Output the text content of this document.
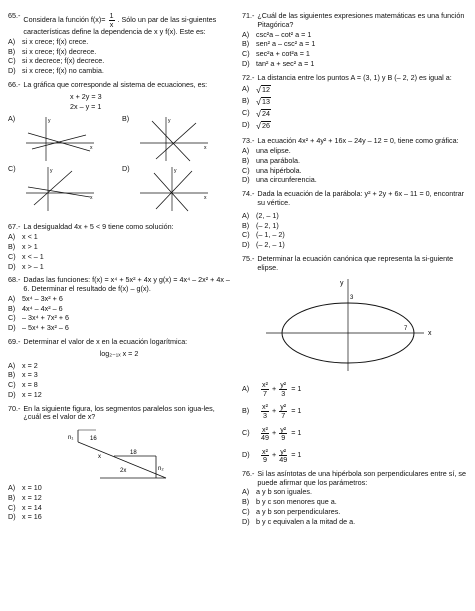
65.- Considera la función $f(x)= \frac{1}{x}$ . Sólo un par de las si-guientes características define la dependencia de x y f(x). Este es:
A) si x crece; f(x) crece.
B) si x crece; f(x) decrece.
C) si x decrece; f(x) decrece.
D) si x crece; f(x) no cambia.
66.- La gráfica que corresponde al sistema de ecuaciones, es:
x + 2y = 3
2x – y = 1
A)	y
x
B)	y
x
C)	y
x
D)	y
x
67.- La desigualdad 4x + 5 < 9 tiene como solución:
A) x < 1
B) x > 1
C) x < – 1
D) x > – 1
68.- Dadas las funciones: f(x) = x⁴ + 5x² + 4x y g(x) = 4x⁴ – 2x² + 4x – 6. Determinar el resultado de f(x) – g(x).
A) 5x⁴ – 3x² + 6
B) 4x⁴ – 4x² – 6
C) – 3x⁴ + 7x² + 6
D) – 5x⁴ + 3x² – 6
69.- Determinar el valor de x en la ecuación logarítmica:
log₂₋₁ₓ x = 2
A) x = 2
B) x = 3
C) x = 8
D) x = 12
70.- En la siguiente figura, los segmentos paralelos son igua-les, ¿cuál es el valor de x?
n₁	16
18
x
2x	n₂
A) x = 10
B) x = 12
C) x = 14
D) x = 16
71.- ¿Cuál de las siguientes expresiones matemáticas es una función Pitagórica?
A) csc²a – cot² a = 1
B) sen² a – csc² a = 1
C) sec²a + cot²a = 1
D) tan² a + sec² a = 1
72.- La distancia entre los puntos A = (3, 1) y B (– 2, 2) es igual a:
A) √ 12
B) √ 13
C) √ 24
D) √ 26
73.- La ecuación 4x² + 4y² + 16x – 24y – 12 = 0, tiene como gráfica:
A) una elipse.
B) una parábola.
C) una hipérbola.
D) una circunferencia.
74.- Dada la ecuación de la parábola: y² + 2y + 6x – 11 = 0, encontrar su vértice.
A) (2, – 1)
B) (– 2, 1)
C) (– 1, – 2)
D) (– 2, – 1)
75.- Determinar la ecuación canónica que representa la si-guiente elipse.
y
3
7
x
A)	$\frac{\text{x²}}{7} + \frac{\text{y²}}{3} = 1$
B)	$\frac{\text{x²}}{3} + \frac{\text{y²}}{7} = 1$
C)	$\frac{\text{x²}}{49} + \frac{\text{y²}}{9} = 1$
D)	$\frac{\text{x²}}{9} + \frac{\text{y²}}{49} = 1$
76.- Si las asíntotas de una hipérbola son perpendiculares entre sí, se puede afirmar que los parámetros:
A) a y b son iguales.
B) b y c son menores que a.
C) a y b son perpendiculares.
D) b y c equivalen a la mitad de a.
